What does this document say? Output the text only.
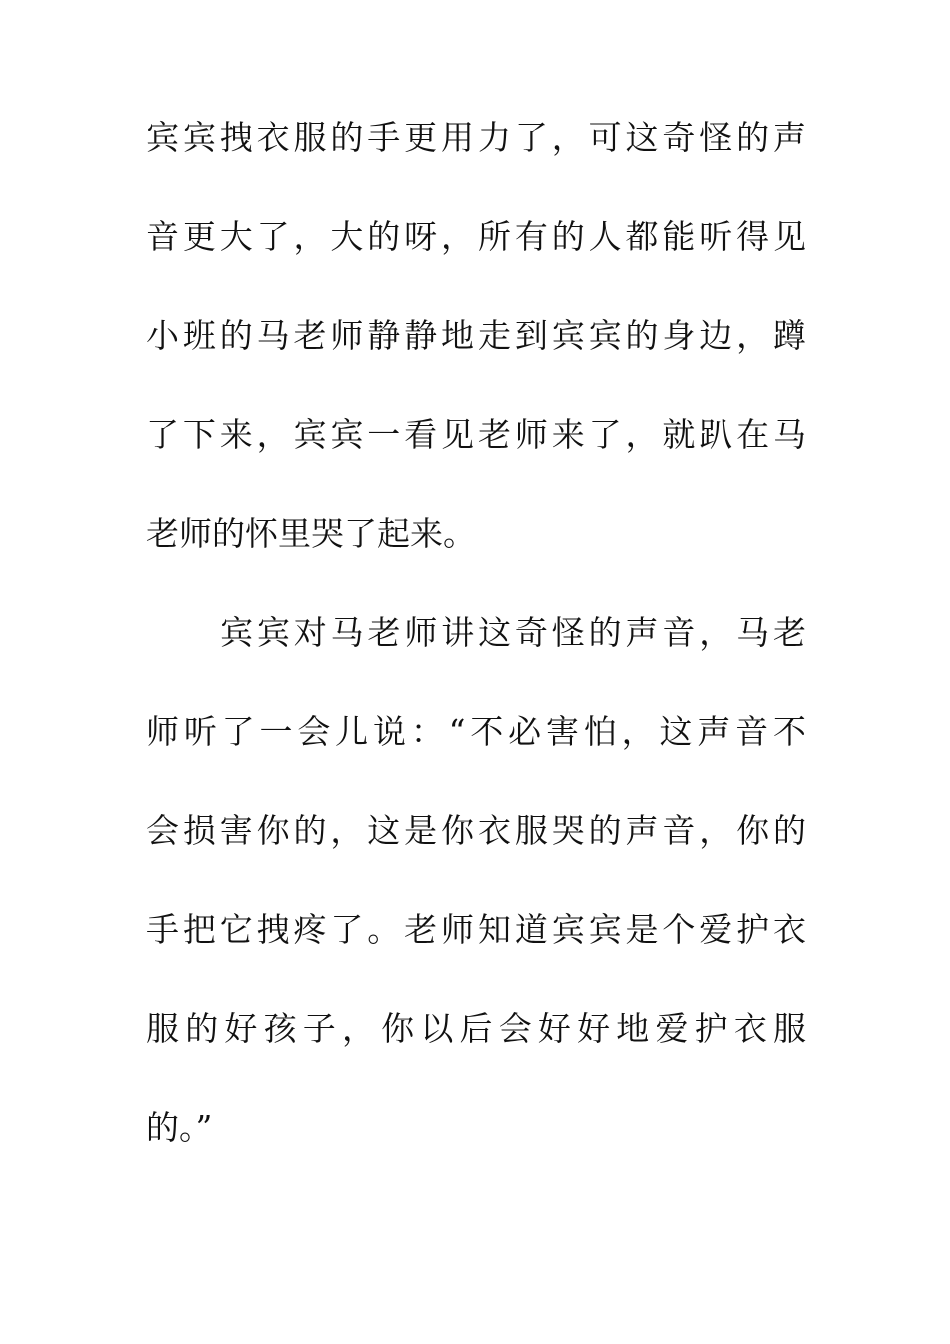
宾宾拽衣服的手更用力了，可这奇怪的声
音更大了，大的呀，所有的人都能听得见
小班的马老师静静地走到宾宾的身边，蹲
了下来，宾宾一看见老师来了，就趴在马
老师的怀里哭了起来。
宾宾对马老师讲这奇怪的声音，马老
师听了一会儿说：“不必害怕，这声音不
会损害你的，这是你衣服哭的声音，你的
手把它拽疼了。老师知道宾宾是个爱护衣
服的好孩子，你以后会好好地爱护衣服
的。”
